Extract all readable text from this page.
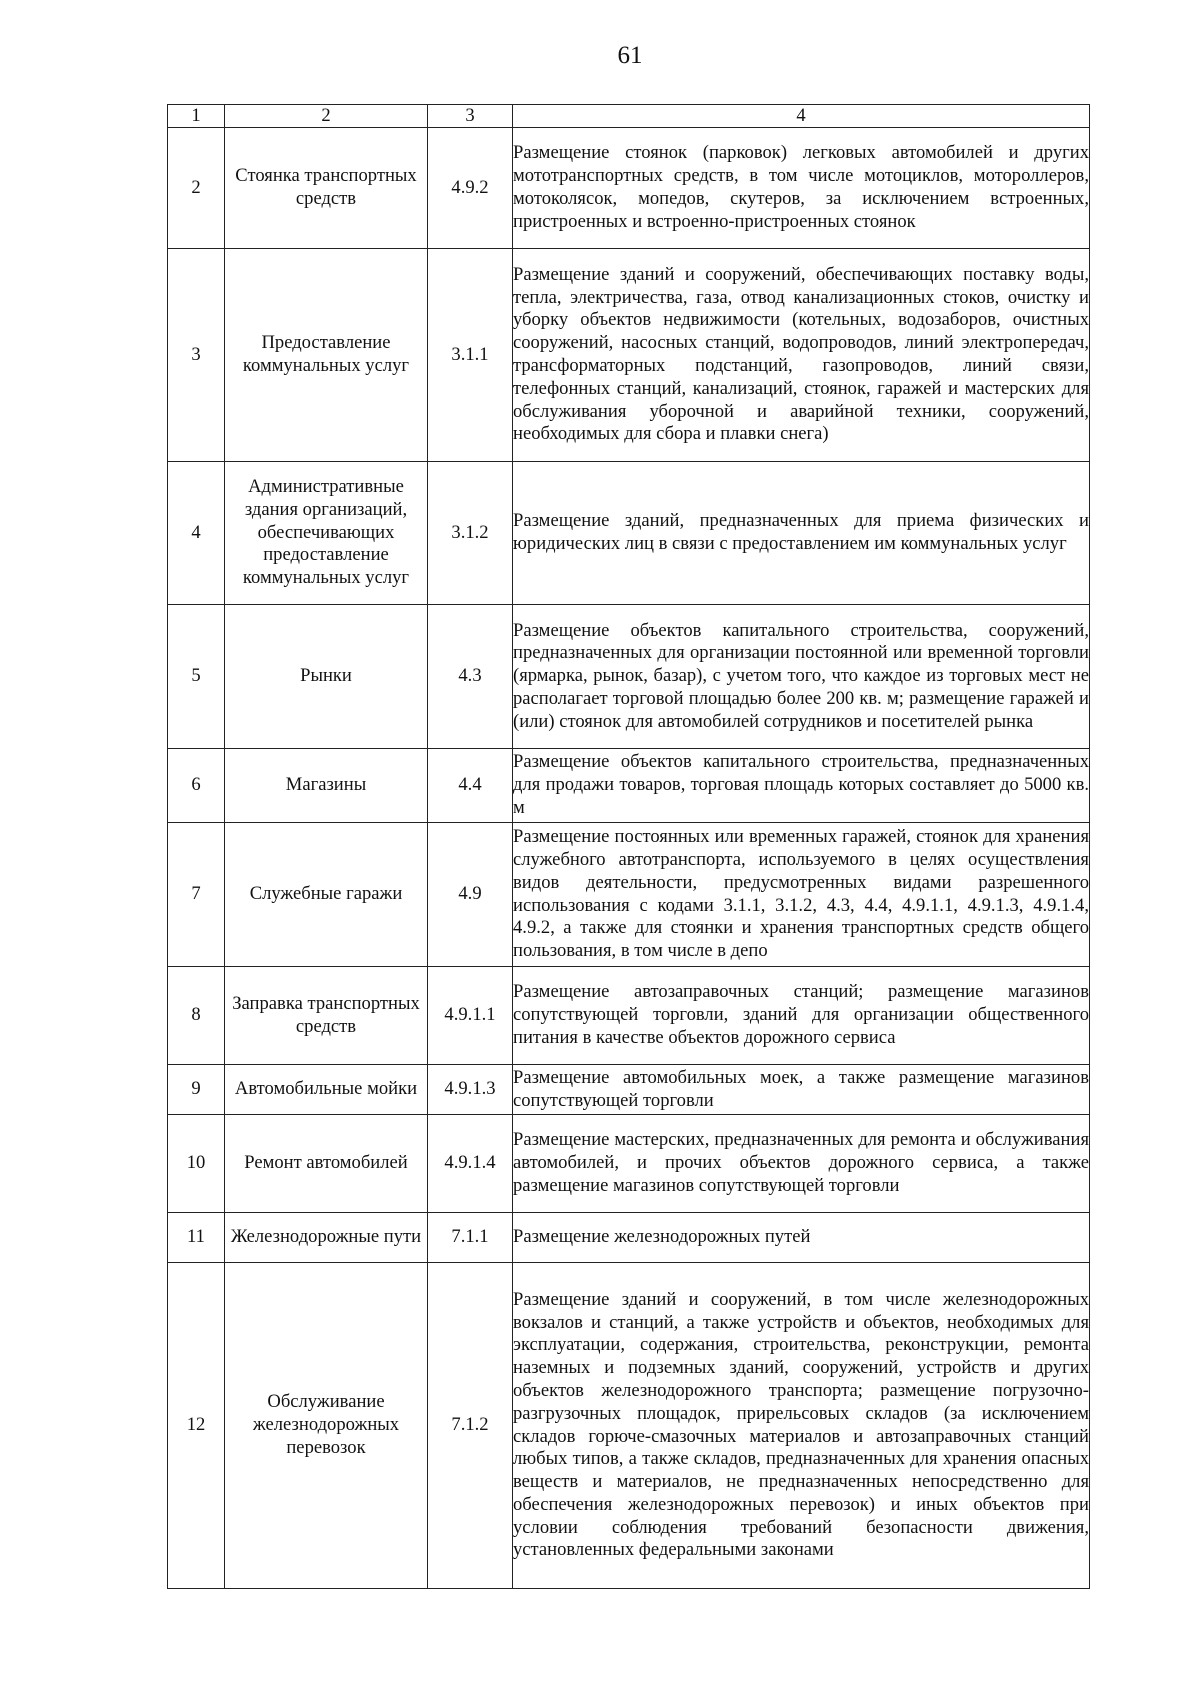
61
1	2	3	4
2	Стоянка транспортных средств	4.9.2	Размещение стоянок (парковок) легковых автомобилей и других мототранспортных средств, в том числе мотоциклов, мотороллеров, мотоколясок, мопедов, скутеров, за исключением встроенных, пристроенных и встроенно-пристроенных стоянок
3	Предоставление коммунальных услуг	3.1.1	Размещение зданий и сооружений, обеспечивающих поставку воды, тепла, электричества, газа, отвод канализационных стоков, очистку и уборку объектов недвижимости (котельных, водозаборов, очистных сооружений, насосных станций, водопроводов, линий электропередач, трансформаторных подстанций, газопроводов, линий связи, телефонных станций, канализаций, стоянок, гаражей и мастерских для обслуживания уборочной и аварийной техники, сооружений, необходимых для сбора и плавки снега)
4	Административные здания организаций, обеспечивающих предоставление коммунальных услуг	3.1.2	Размещение зданий, предназначенных для приема физических и юридических лиц в связи с предоставлением им коммунальных услуг
5	Рынки	4.3	Размещение объектов капитального строительства, сооружений, предназначенных для организации постоянной или временной торговли (ярмарка, рынок, базар), с учетом того, что каждое из торговых мест не располагает торговой площадью более 200 кв. м; размещение гаражей и (или) стоянок для автомобилей сотрудников и посетителей рынка
6	Магазины	4.4	Размещение объектов капитального строительства, предназначенных для продажи товаров, торговая площадь которых составляет до 5000 кв. м
7	Служебные гаражи	4.9	Размещение постоянных или временных гаражей, стоянок для хранения служебного автотранспорта, используемого в целях осуществления видов деятельности, предусмотренных видами разрешенного использования с кодами 3.1.1, 3.1.2, 4.3, 4.4, 4.9.1.1, 4.9.1.3, 4.9.1.4, 4.9.2, а также для стоянки и хранения транспортных средств общего пользования, в том числе в депо
8	Заправка транспортных средств	4.9.1.1	Размещение автозаправочных станций; размещение магазинов сопутствующей торговли, зданий для организации общественного питания в качестве объектов дорожного сервиса
9	Автомобильные мойки	4.9.1.3	Размещение автомобильных моек, а также размещение магазинов сопутствующей торговли
10	Ремонт автомобилей	4.9.1.4	Размещение мастерских, предназначенных для ремонта и обслуживания автомобилей, и прочих объектов дорожного сервиса, а также размещение магазинов сопутствующей торговли
11	Железнодорожные пути	7.1.1	Размещение железнодорожных путей
12	Обслуживание железнодорожных перевозок	7.1.2	Размещение зданий и сооружений, в том числе железнодорожных вокзалов и станций, а также устройств и объектов, необходимых для эксплуатации, содержания, строительства, реконструкции, ремонта наземных и подземных зданий, сооружений, устройств и других объектов железнодорожного транспорта; размещение погрузочно-разгрузочных площадок, прирельсовых складов (за исключением складов горюче-смазочных материалов и автозаправочных станций любых типов, а также складов, предназначенных для хранения опасных веществ и материалов, не предназначенных непосредственно для обеспечения железнодорожных перевозок) и иных объектов при условии соблюдения требований безопасности движения, установленных федеральными законами
